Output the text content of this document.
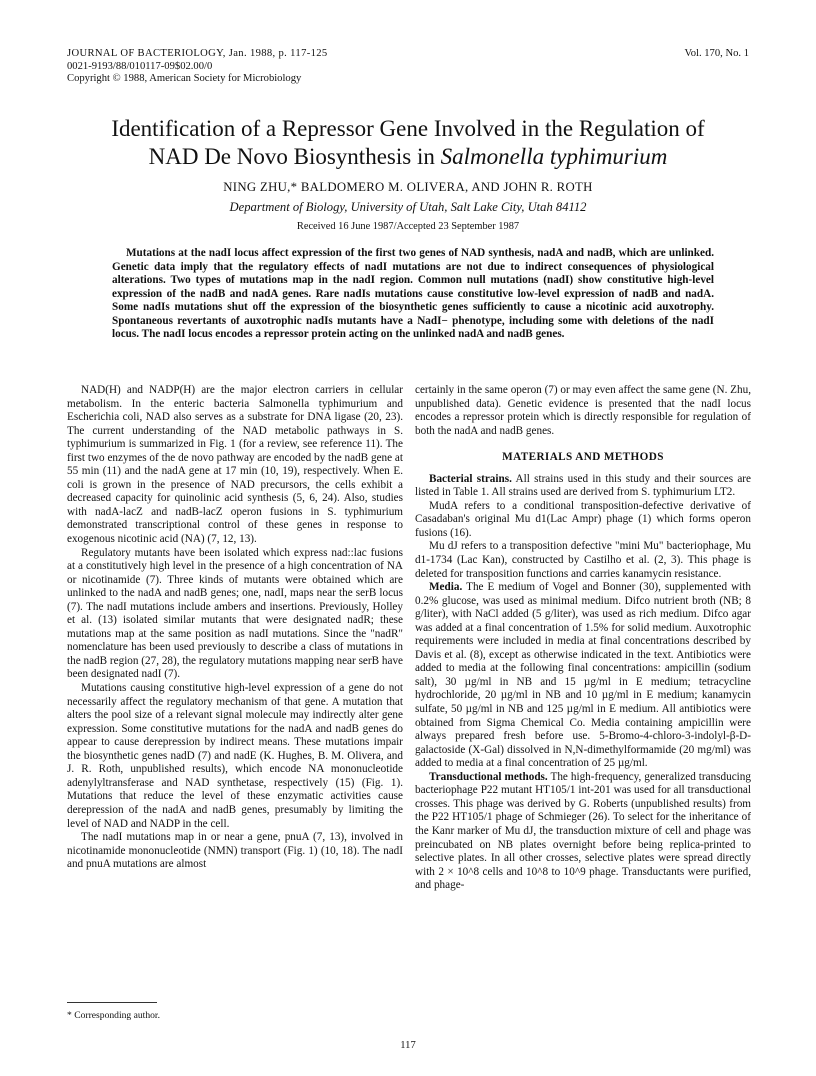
JOURNAL OF BACTERIOLOGY, Jan. 1988, p. 117-125
0021-9193/88/010117-09$02.00/0
Copyright © 1988, American Society for Microbiology
Vol. 170, No. 1
Identification of a Repressor Gene Involved in the Regulation of
NAD De Novo Biosynthesis in Salmonella typhimurium
NING ZHU,* BALDOMERO M. OLIVERA, AND JOHN R. ROTH
Department of Biology, University of Utah, Salt Lake City, Utah 84112
Received 16 June 1987/Accepted 23 September 1987

Mutations at the nadI locus affect expression of the first two genes of NAD synthesis, nadA and nadB, which are unlinked. Genetic data imply that the regulatory effects of nadI mutations are not due to indirect consequences of physiological alterations. Two types of mutations map in the nadI region. Common null mutations (nadI) show constitutive high-level expression of the nadB and nadA genes. Rare nadIs mutations cause constitutive low-level expression of nadB and nadA. Some nadIs mutations shut off the expression of the biosynthetic genes sufficiently to cause a nicotinic acid auxotrophy. Spontaneous revertants of auxotrophic nadIs mutants have a NadI− phenotype, including some with deletions of the nadI locus. The nadI locus encodes a repressor protein acting on the unlinked nadA and nadB genes.

NAD(H) and NADP(H) are the major electron carriers in cellular metabolism. In the enteric bacteria Salmonella typhimurium and Escherichia coli, NAD also serves as a substrate for DNA ligase (20, 23). The current understanding of the NAD metabolic pathways in S. typhimurium is summarized in Fig. 1 (for a review, see reference 11). The first two enzymes of the de novo pathway are encoded by the nadB gene at 55 min (11) and the nadA gene at 17 min (10, 19), respectively. When E. coli is grown in the presence of NAD precursors, the cells exhibit a decreased capacity for quinolinic acid synthesis (5, 6, 24). Also, studies with nadA-lacZ and nadB-lacZ operon fusions in S. typhimurium demonstrated transcriptional control of these genes in response to exogenous nicotinic acid (NA) (7, 12, 13).

Regulatory mutants have been isolated which express nad::lac fusions at a constitutively high level in the presence of a high concentration of NA or nicotinamide (7). Three kinds of mutants were obtained which are unlinked to the nadA and nadB genes; one, nadI, maps near the serB locus (7). The nadI mutations include ambers and insertions. Previously, Holley et al. (13) isolated similar mutants that were designated nadR; these mutations map at the same position as nadI mutations. Since the "nadR" nomenclature has been used previously to describe a class of mutations in the nadB region (27, 28), the regulatory mutations mapping near serB have been designated nadI (7).

Mutations causing constitutive high-level expression of a gene do not necessarily affect the regulatory mechanism of that gene. A mutation that alters the pool size of a relevant signal molecule may indirectly alter gene expression. Some constitutive mutations for the nadA and nadB genes do appear to cause derepression by indirect means. These mutations impair the biosynthetic genes nadD (7) and nadE (K. Hughes, B. M. Olivera, and J. R. Roth, unpublished results), which encode NA mononucleotide adenylyltransferase and NAD synthetase, respectively (15) (Fig. 1). Mutations that reduce the level of these enzymatic activities cause derepression of the nadA and nadB genes, presumably by limiting the level of NAD and NADP in the cell.

The nadI mutations map in or near a gene, pnuA (7, 13), involved in nicotinamide mononucleotide (NMN) transport (Fig. 1) (10, 18). The nadI and pnuA mutations are almost

certainly in the same operon (7) or may even affect the same gene (N. Zhu, unpublished data). Genetic evidence is presented that the nadI locus encodes a repressor protein which is directly responsible for regulation of both the nadA and nadB genes.

MATERIALS AND METHODS

Bacterial strains. All strains used in this study and their sources are listed in Table 1. All strains used are derived from S. typhimurium LT2.

MudA refers to a conditional transposition-defective derivative of Casadaban's original Mu d1(Lac Ampr) phage (1) which forms operon fusions (16).

Mu dJ refers to a transposition defective "mini Mu" bacteriophage, Mu d1-1734 (Lac Kan), constructed by Castilho et al. (2, 3). This phage is deleted for transposition functions and carries kanamycin resistance.

Media. The E medium of Vogel and Bonner (30), supplemented with 0.2% glucose, was used as minimal medium. Difco nutrient broth (NB; 8 g/liter), with NaCl added (5 g/liter), was used as rich medium. Difco agar was added at a final concentration of 1.5% for solid medium. Auxotrophic requirements were included in media at final concentrations described by Davis et al. (8), except as otherwise indicated in the text. Antibiotics were added to media at the following final concentrations: ampicillin (sodium salt), 30 µg/ml in NB and 15 µg/ml in E medium; tetracycline hydrochloride, 20 µg/ml in NB and 10 µg/ml in E medium; kanamycin sulfate, 50 µg/ml in NB and 125 µg/ml in E medium. All antibiotics were obtained from Sigma Chemical Co. Media containing ampicillin were always prepared fresh before use. 5-Bromo-4-chloro-3-indolyl-β-D-galactoside (X-Gal) dissolved in N,N-dimethylformamide (20 mg/ml) was added to media at a final concentration of 25 µg/ml.

Transductional methods. The high-frequency, generalized transducing bacteriophage P22 mutant HT105/1 int-201 was used for all transductional crosses. This phage was derived by G. Roberts (unpublished results) from the P22 HT105/1 phage of Schmieger (26). To select for the inheritance of the Kanr marker of Mu dJ, the transduction mixture of cell and phage was preincubated on NB plates overnight before being replica-printed to selective plates. In all other crosses, selective plates were spread directly with 2 × 10^8 cells and 10^8 to 10^9 phage. Transductants were purified, and phage-

* Corresponding author.
117
